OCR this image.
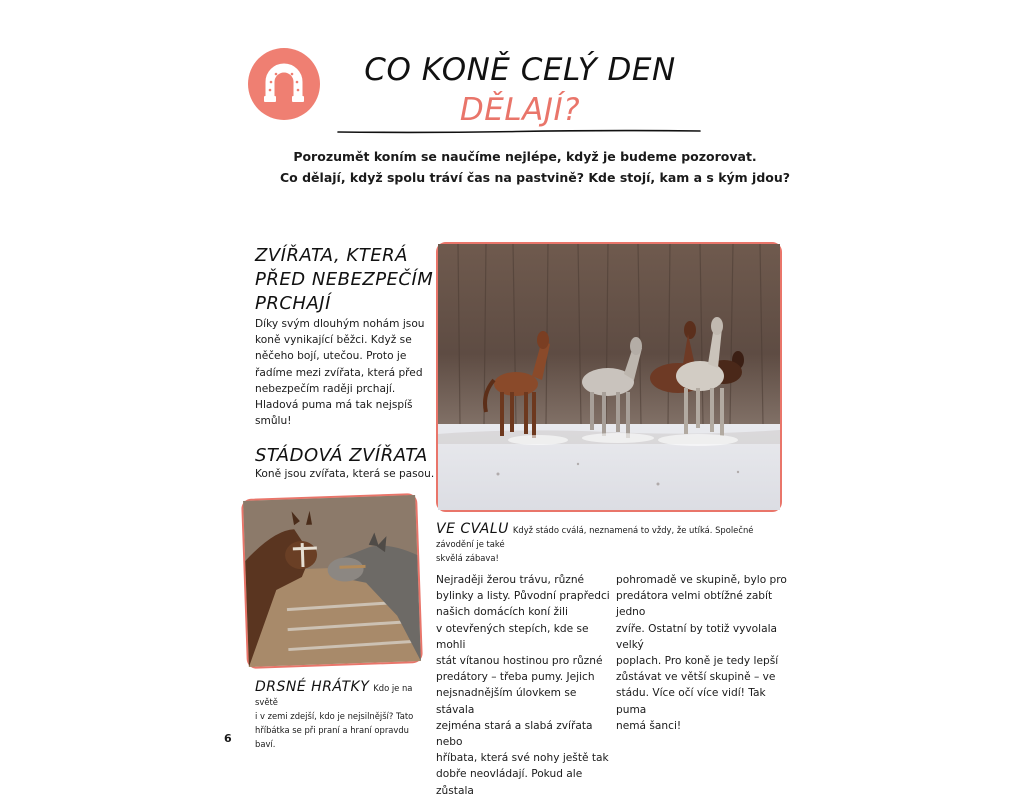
CO KONĚ CELÝ DEN
DĚLAJÍ?
Porozumět koním se naučíme nejlépe, když je budeme pozorovat.
Co dělají, když spolu tráví čas na pastvině? Kde stojí, kam a s kým jdou?
ZVÍŘATA, KTERÁ
PŘED NEBEZPEČÍM
PRCHAJÍ
Díky svým dlouhým nohám jsou
koně vynikající běžci. Když se
něčeho bojí, utečou. Proto je
řadíme mezi zvířata, která před
nebezpečím raději prchají.
Hladová puma má tak nejspíš
smůlu!
STÁDOVÁ ZVÍŘATA
Koně jsou zvířata, která se pasou.
VE CVALU Když stádo cválá, neznamená to vždy, že utíká. Společné závodění je také
skvělá zábava!
DRSNÉ HRÁTKY Kdo je na světě
i v zemi zdejší, kdo je nejsilnější? Tato
hříbátka se při praní a hraní opravdu baví.
Nejraději žerou trávu, různé
bylinky a listy. Původní prapředci
našich domácích koní žili
v otevřených stepích, kde se mohli
stát vítanou hostinou pro různé
predátory – třeba pumy. Jejich
nejsnadnějším úlovkem se stávala
zejména stará a slabá zvířata nebo
hříbata, která své nohy ještě tak
dobře neovládají. Pokud ale zůstala
pohromadě ve skupině, bylo pro
predátora velmi obtížné zabít jedno
zvíře. Ostatní by totiž vyvolala velký
poplach. Pro koně je tedy lepší
zůstávat ve větší skupině – ve
stádu. Více očí více vidí! Tak puma
nemá šanci!
6
